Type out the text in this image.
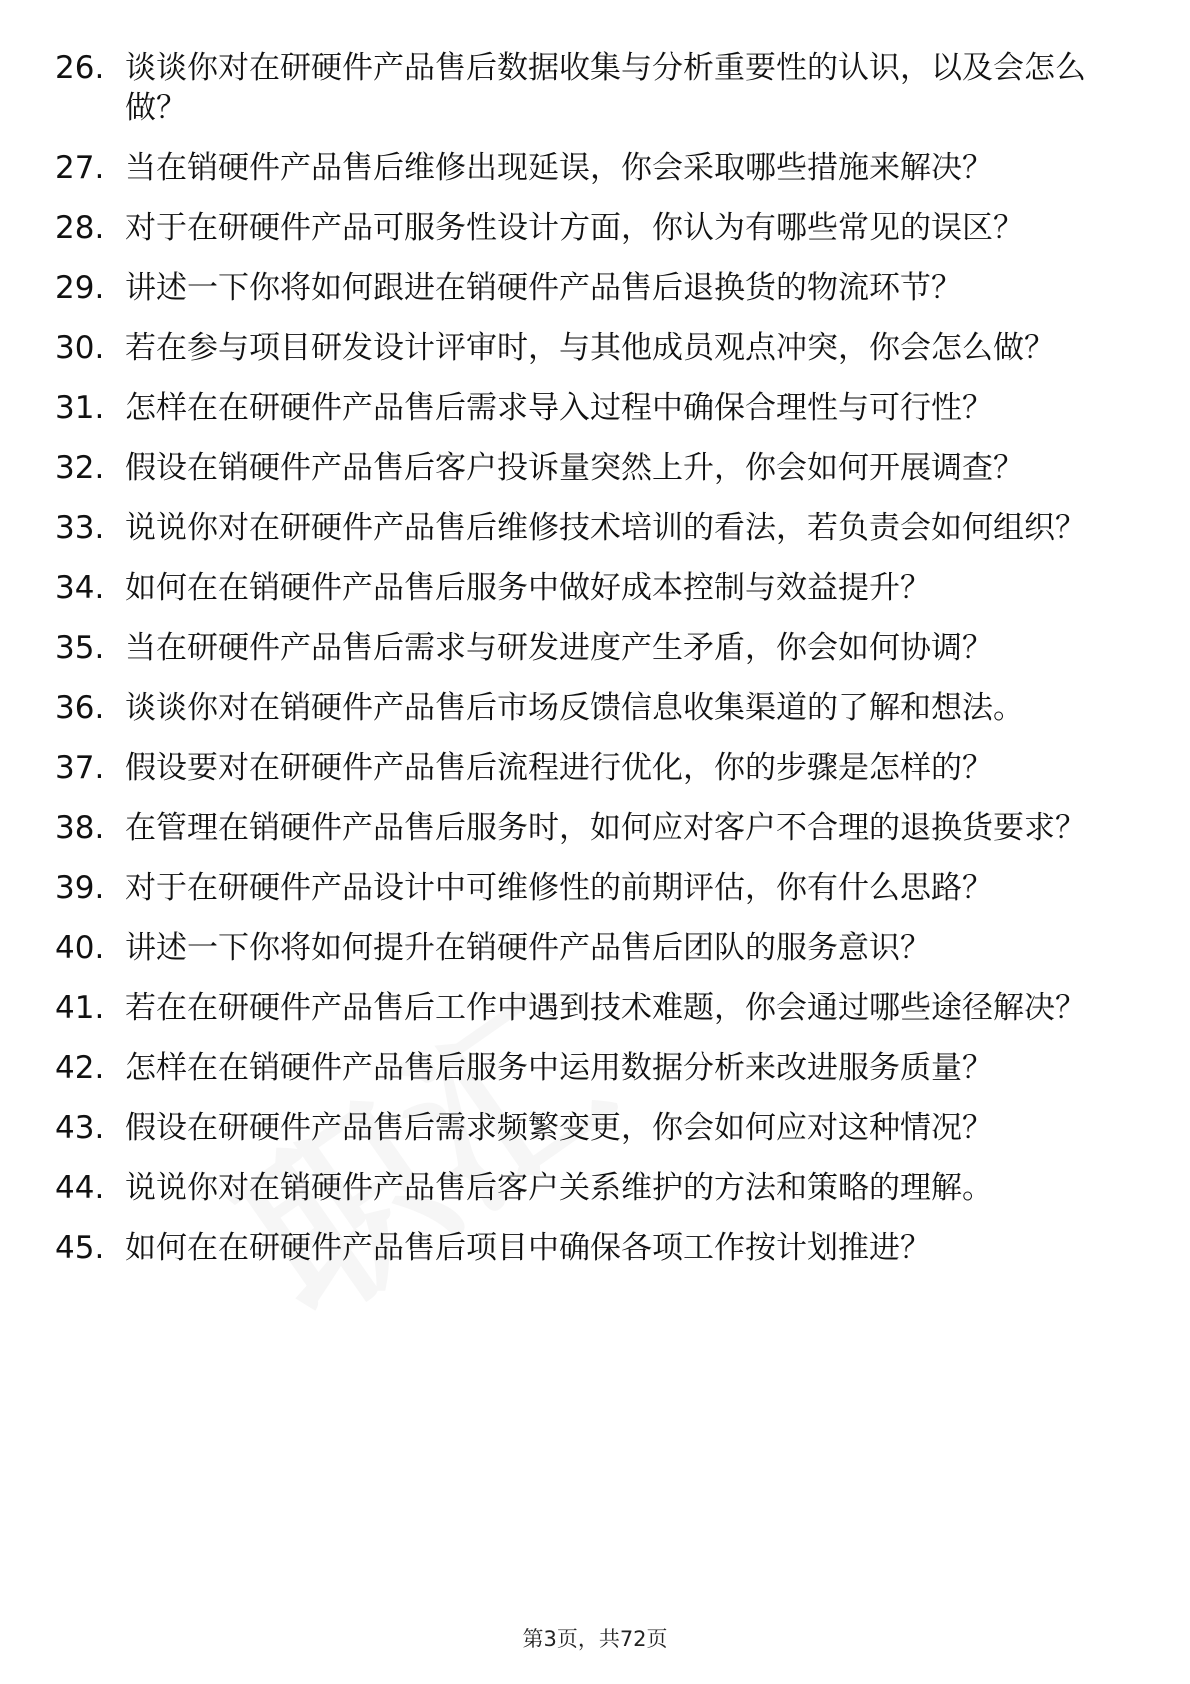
26. 谈谈你对在研硬件产品售后数据收集与分析重要性的认识，以及会怎么做？
27. 当在销硬件产品售后维修出现延误，你会采取哪些措施来解决？
28. 对于在研硬件产品可服务性设计方面，你认为有哪些常见的误区？
29. 讲述一下你将如何跟进在销硬件产品售后退换货的物流环节？
30. 若在参与项目研发设计评审时，与其他成员观点冲突，你会怎么做？
31. 怎样在在研硬件产品售后需求导入过程中确保合理性与可行性？
32. 假设在销硬件产品售后客户投诉量突然上升，你会如何开展调查？
33. 说说你对在研硬件产品售后维修技术培训的看法，若负责会如何组织？
34. 如何在在销硬件产品售后服务中做好成本控制与效益提升？
35. 当在研硬件产品售后需求与研发进度产生矛盾，你会如何协调？
36. 谈谈你对在销硬件产品售后市场反馈信息收集渠道的了解和想法。
37. 假设要对在研硬件产品售后流程进行优化，你的步骤是怎样的？
38. 在管理在销硬件产品售后服务时，如何应对客户不合理的退换货要求？
39. 对于在研硬件产品设计中可维修性的前期评估，你有什么思路？
40. 讲述一下你将如何提升在销硬件产品售后团队的服务意识？
41. 若在在研硬件产品售后工作中遇到技术难题，你会通过哪些途径解决？
42. 怎样在在销硬件产品售后服务中运用数据分析来改进服务质量？
43. 假设在研硬件产品售后需求频繁变更，你会如何应对这种情况？
44. 说说你对在销硬件产品售后客户关系维护的方法和策略的理解。
45. 如何在在研硬件产品售后项目中确保各项工作按计划推进？
第3页，共72页
